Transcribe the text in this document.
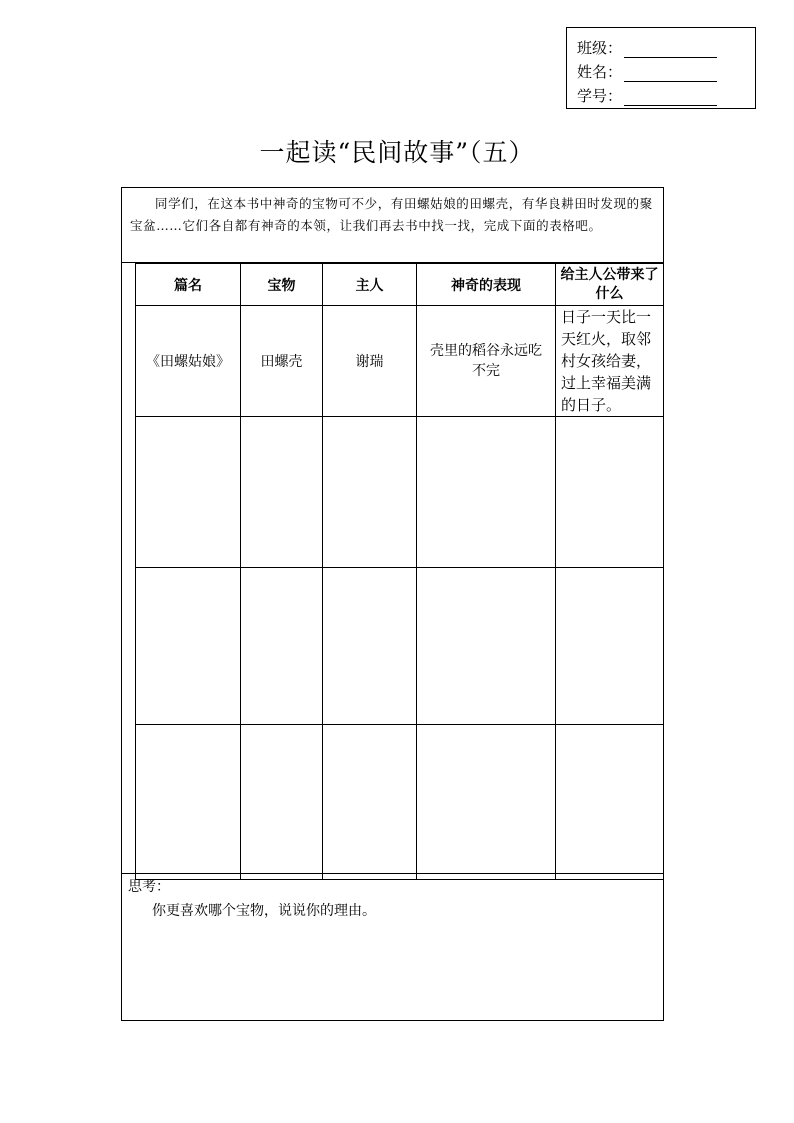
班级：
姓名：
学号：
一起读“民间故事”（五）
同学们，在这本书中神奇的宝物可不少，有田螺姑娘的田螺壳，有华良耕田时发现的聚宝盆……它们各自都有神奇的本领，让我们再去书中找一找，完成下面的表格吧。
篇名	宝物	主人	神奇的表现	给主人公带来了什么
《田螺姑娘》	田螺壳	谢瑞	壳里的稻谷永远吃不完	日子一天比一天红火，取邻村女孩给妻，过上幸福美满的日子。

思考：
你更喜欢哪个宝物，说说你的理由。
